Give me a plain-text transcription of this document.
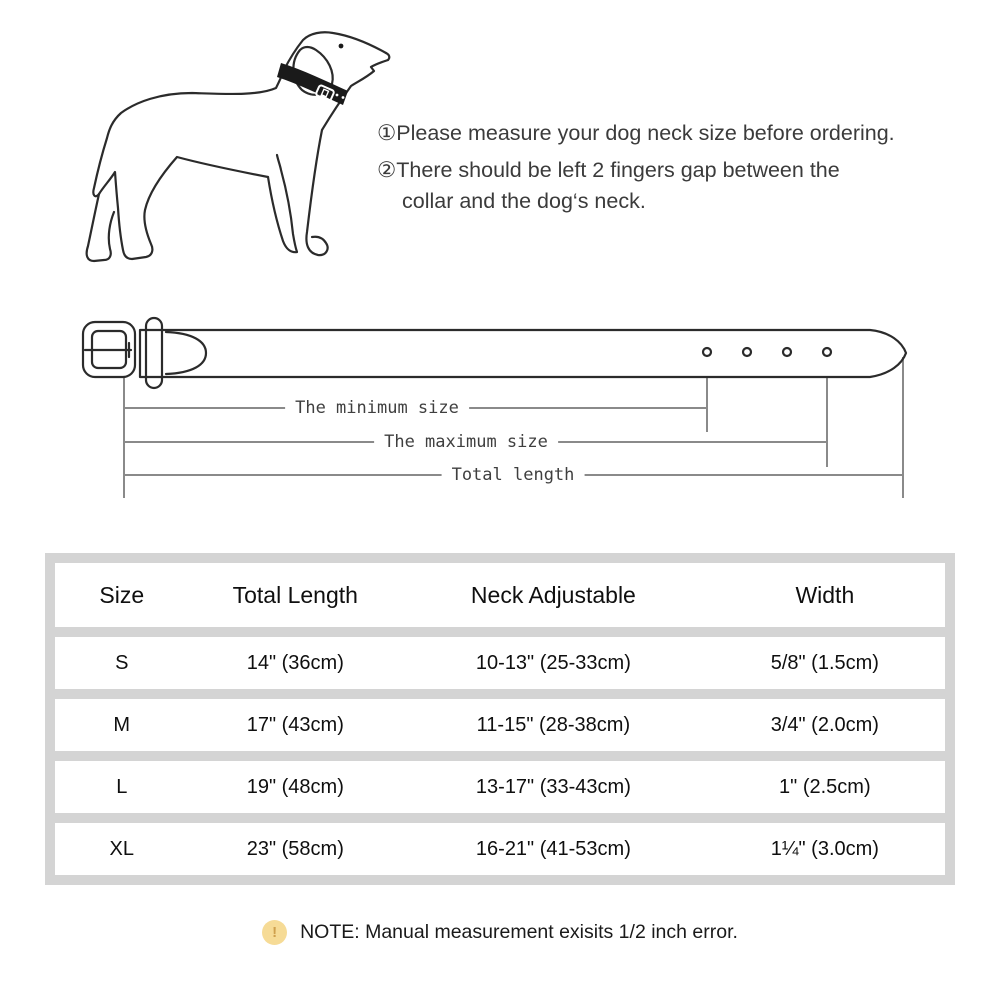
①Please measure your dog neck size before ordering.
②There should be left 2 fingers gap between the
collar and the dog‘s neck.
The minimum size
The maximum size
Total length
Size	Total Length	Neck Adjustable	Width
S	14" (36cm)	10-13" (25-33cm)	5/8" (1.5cm)
M	17" (43cm)	11-15" (28-38cm)	3/4" (2.0cm)
L	19" (48cm)	13-17" (33-43cm)	1" (2.5cm)
XL	23" (58cm)	16-21" (41-53cm)	1¼" (3.0cm)
!	NOTE: Manual measurement exisits 1/2 inch error.
